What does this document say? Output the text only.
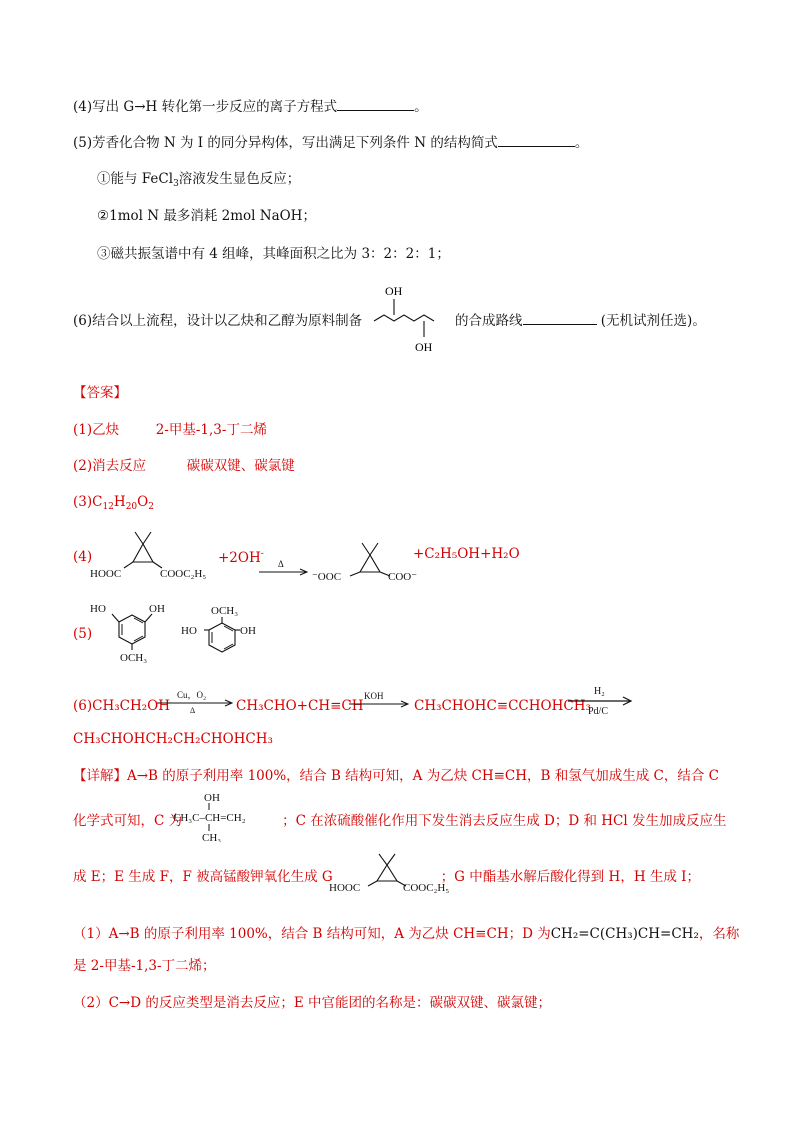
(4)写出 G→H 转化第一步反应的离子方程式	。
(5)芳香化合物 N 为 I 的同分异构体，写出满足下列条件 N 的结构简式	。
①能与 FeCl$_3$溶液发生显色反应；
②1mol N 最多消耗 2mol NaOH；
③磁共振氢谱中有 4 组峰，其峰面积之比为 3：2：2：1；
(6)结合以上流程，设计以乙炔和乙醇为原料制备
OH
OH
的合成路线	(无机试剂任选)。
【答案】
(1)乙炔	2-甲基-1,3-丁二烯
(2)消去反应	碳碳双键、碳氯键
$(3)C_{12}H_{20}O_2$
(4)
HOOC	COOC₂H₅
+2OH-
Δ
⁻OOC	COO⁻
+C₂H₅OH+H₂O
(5)
HO	OH
OCH₃
OCH₃
HO	OH
(6)CH₃CH₂OH
Cu，O₂
Δ	CH₃CHO+CH≡CH
KOH
CH₃CHOHC≡CCHOHCH₃
H₂
Pd/C
CH₃CHOHCH₂CH₂CHOHCH₃
【详解】A→B 的原子利用率 100%，结合 B 结构可知，A 为乙炔 CH≡CH，B 和氢气加成生成 C，结合 C
化学式可知，C 为	；C 在浓硫酸催化作用下发生消去反应生成 D；D 和 HCl 发生加成反应生
OH
CH₃C–CH=CH₂
CH₃
成 E；E 生成 F，F 被高锰酸钾氧化生成 G	；G 中酯基水解后酸化得到 H，H 生成 I；
HOOC	COOC₂H₅
（1）A→B 的原子利用率 100%，结合 B 结构可知，A 为乙炔 CH≡CH；D 为CH₂=C(CH₃)CH=CH₂，名称
是 2-甲基-1,3-丁二烯；
（2）C→D 的反应类型是消去反应；E 中官能团的名称是：碳碳双键、碳氯键；
